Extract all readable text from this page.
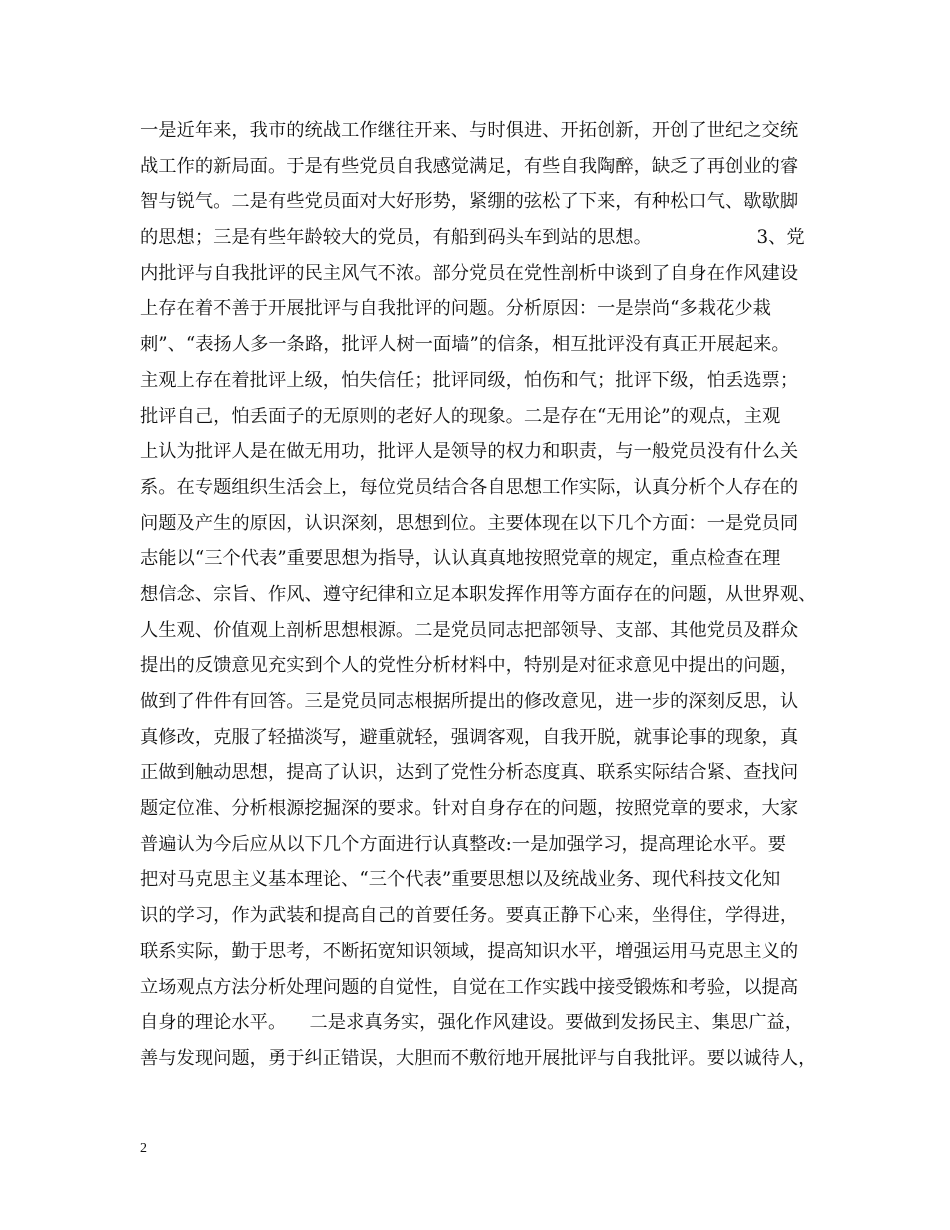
一是近年来，我市的统战工作继往开来、与时俱进、开拓创新，开创了世纪之交统
战工作的新局面。于是有些党员自我感觉满足，有些自我陶醉，缺乏了再创业的睿
智与锐气。二是有些党员面对大好形势，紧绷的弦松了下来，有种松口气、歇歇脚
的思想；三是有些年龄较大的党员，有船到码头车到站的思想。                  3、党
内批评与自我批评的民主风气不浓。部分党员在党性剖析中谈到了自身在作风建设
上存在着不善于开展批评与自我批评的问题。分析原因：一是崇尚“多栽花少栽
刺”、“表扬人多一条路，批评人树一面墙”的信条，相互批评没有真正开展起来。
主观上存在着批评上级，怕失信任；批评同级，怕伤和气；批评下级，怕丢选票；
批评自己，怕丢面子的无原则的老好人的现象。二是存在“无用论”的观点，主观
上认为批评人是在做无用功，批评人是领导的权力和职责，与一般党员没有什么关
系。在专题组织生活会上，每位党员结合各自思想工作实际，认真分析个人存在的
问题及产生的原因，认识深刻，思想到位。主要体现在以下几个方面：一是党员同
志能以“三个代表”重要思想为指导，认认真真地按照党章的规定，重点检查在理
想信念、宗旨、作风、遵守纪律和立足本职发挥作用等方面存在的问题，从世界观、
人生观、价值观上剖析思想根源。二是党员同志把部领导、支部、其他党员及群众
提出的反馈意见充实到个人的党性分析材料中，特别是对征求意见中提出的问题，
做到了件件有回答。三是党员同志根据所提出的修改意见，进一步的深刻反思，认
真修改，克服了轻描淡写，避重就轻，强调客观，自我开脱，就事论事的现象，真
正做到触动思想，提高了认识，达到了党性分析态度真、联系实际结合紧、查找问
题定位准、分析根源挖掘深的要求。针对自身存在的问题，按照党章的要求，大家
普遍认为今后应从以下几个方面进行认真整改:一是加强学习，提高理论水平。要
把对马克思主义基本理论、“三个代表”重要思想以及统战业务、现代科技文化知
识的学习，作为武装和提高自己的首要任务。要真正静下心来，坐得住，学得进，
联系实际，勤于思考，不断拓宽知识领域，提高知识水平，增强运用马克思主义的
立场观点方法分析处理问题的自觉性，自觉在工作实践中接受锻炼和考验，以提高
自身的理论水平。    二是求真务实，强化作风建设。要做到发扬民主、集思广益，
善与发现问题，勇于纠正错误，大胆而不敷衍地开展批评与自我批评。要以诚待人，
2
